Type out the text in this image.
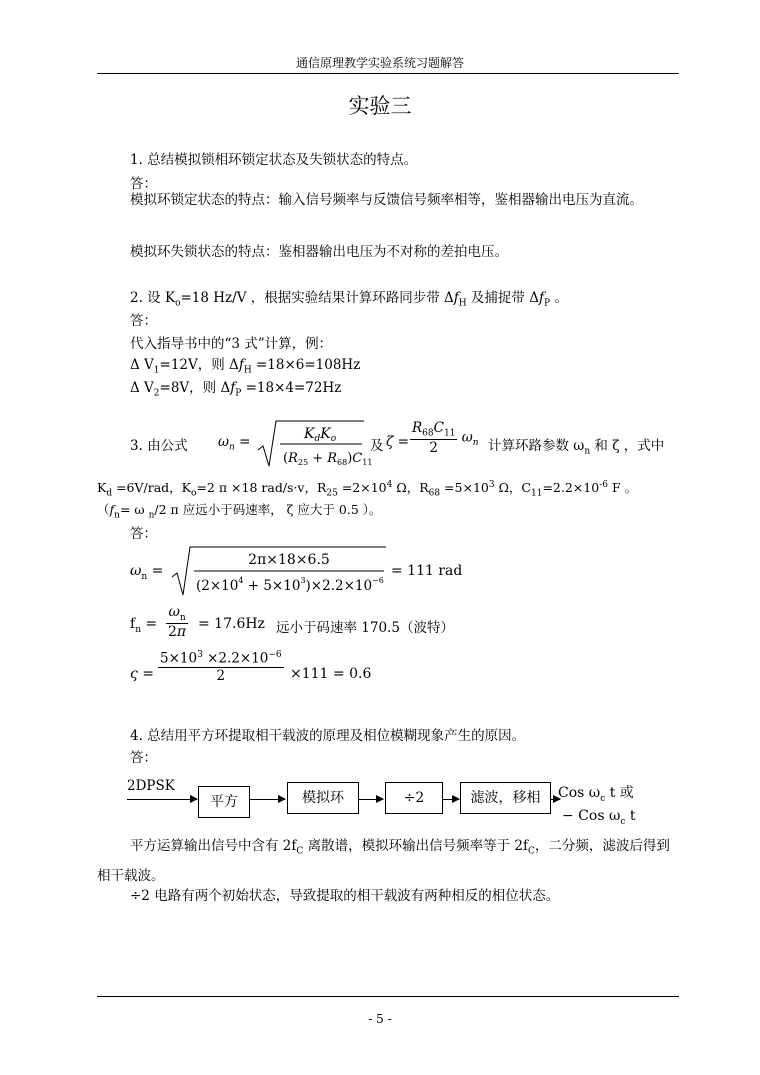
通信原理教学实验系统习题解答
实验三
1. 总结模拟锁相环锁定状态及失锁状态的特点。
答：
模拟环锁定状态的特点：输入信号频率与反馈信号频率相等，鉴相器输出电压为直流。
模拟环失锁状态的特点：鉴相器输出电压为不对称的差拍电压。
2. 设 $K_o=18$ Hz/V ，根据实验结果计算环路同步带 $\Delta f_H$ 及捕捉带 $\Delta f_P$ 。
答：
代入指导书中的“3 式”计算，例：
Δ $V_1=12V$，则 $\Delta f_H =18\times 6=108Hz$
Δ $V_2=8V$，则 $\Delta f_P =18\times 4=72Hz$
3. 由公式 $\omega_n$ =	$K_dK_o$
$(R_{25} + R_{68})C_{11}$
及 $\zeta = \frac{R_{68}C_{11}}{2} \omega_n$ 计算环路参数 $\omega_n$ 和 ζ ，式中
$K_d =6V/rad$，$K_o=2$ π ×18 rad/s·v，$R_{25} =2\times 10^4$ Ω，$R_{68} =5\times 10^3$ Ω，$C_{11}=2.2\times 10^{-6}$ F 。
（$f_n= \omega$ $_n$/2 π 应远小于码速率， ζ 应大于 0.5 ）。
答：
$\omega_n$ =
2π×18×6.5
$(2\times 10^4 + 5\times 10^3)\times 2.2\times 10^{-6}$
= 111 rad
$f_n = \frac{\omega_n}{2\pi} = 17.6Hz$ 远小于码速率 170.5（波特）
$\varsigma = \frac{5\times 10^3 \times 2.2\times 10^{-6}}{2} \times 111 = 0.6$
4. 总结用平方环提取相干载波的原理及相位模糊现象产生的原因。
答：
2DPSK
平方	模拟环	÷2	滤波，移相	Cos $\omega_c$ t 或
− Cos $\omega_c$ t
平方运算输出信号中含有 $2f_C$ 离散谱，模拟环输出信号频率等于 $2f_C$，二分频，滤波后得到相干载波。
÷2 电路有两个初始状态，导致提取的相干载波有两种相反的相位状态。
- 5 -
